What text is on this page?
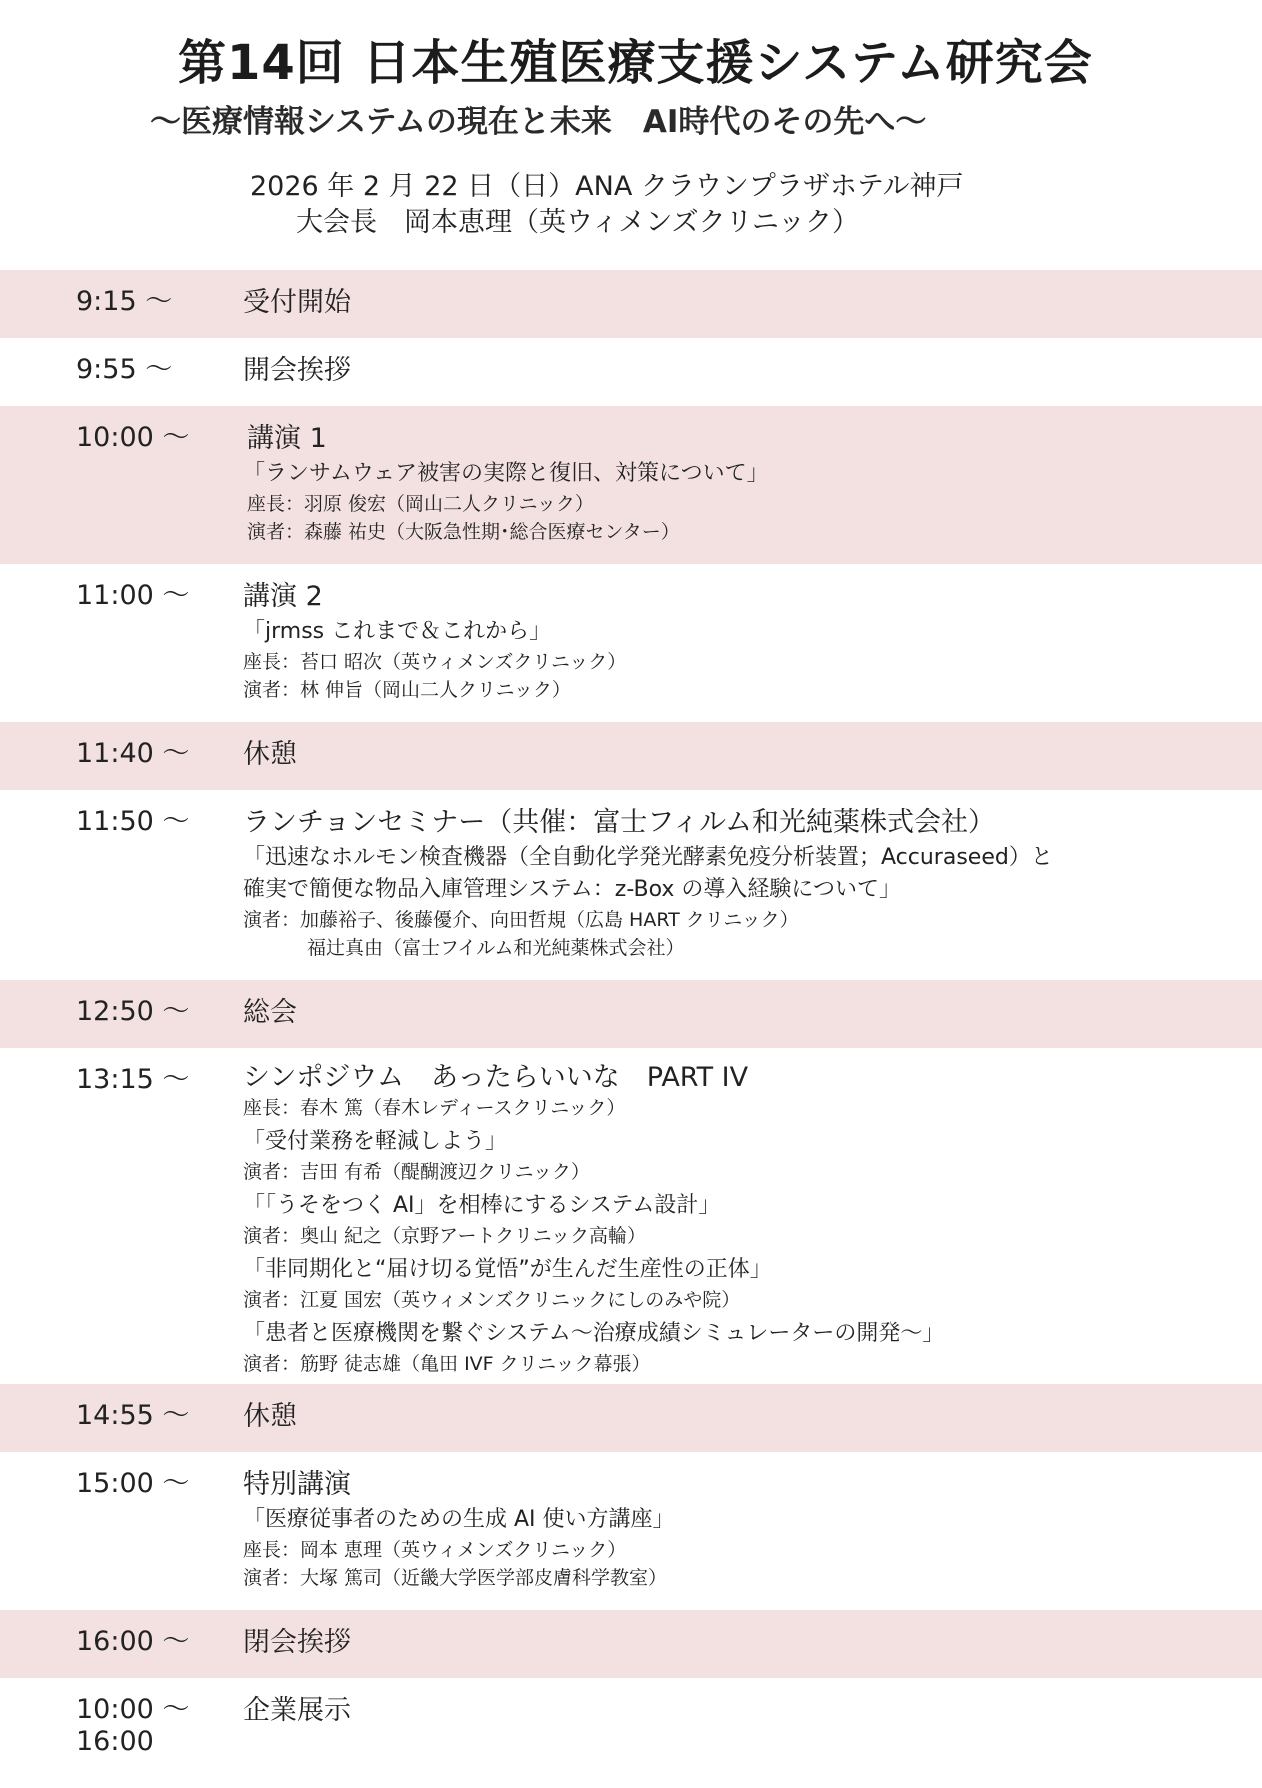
第14回 日本生殖医療支援システム研究会
～医療情報システムの現在と未来　AI時代のその先へ～
2026 年 2 月 22 日（日）ANA クラウンプラザホテル神戸
大会長　岡本恵理（英ウィメンズクリニック）
9:15 〜	受付開始
9:55 〜	開会挨拶
10:00 〜 講演 1
「ランサムウェア被害の実際と復旧、対策について」
座長：羽原 俊宏（岡山二人クリニック）
演者：森藤 祐史（大阪急性期･総合医療センター）
11:00 〜 講演 2
「jrmss これまで＆これから」
座長：苔口 昭次（英ウィメンズクリニック）
演者：林 伸旨（岡山二人クリニック）
11:40 〜 休憩
11:50 〜 ランチョンセミナー（共催：富士フィルム和光純薬株式会社）
「迅速なホルモン検査機器（全自動化学発光酵素免疫分析装置；Accuraseed）と
確実で簡便な物品入庫管理システム：z-Box の導入経験について」
演者：加藤裕子、後藤優介、向田哲規（広島 HART クリニック）
福辻真由（富士フイルム和光純薬株式会社）
12:50 〜 総会
13:15 〜 シンポジウム　あったらいいな　PART IV
座長：春木 篤（春木レディースクリニック）
「受付業務を軽減しよう」
演者：吉田 有希（醍醐渡辺クリニック）
「「うそをつく AI」を相棒にするシステム設計」
演者：奥山 紀之（京野アートクリニック高輪）
「非同期化と“届け切る覚悟”が生んだ生産性の正体」
演者：江夏 国宏（英ウィメンズクリニックにしのみや院）
「患者と医療機関を繋ぐシステム〜治療成績シミュレーターの開発〜」
演者：筋野 徒志雄（亀田 IVF クリニック幕張）
14:55 〜 休憩
15:00 〜 特別講演
「医療従事者のための生成 AI 使い方講座」
座長：岡本 恵理（英ウィメンズクリニック）
演者：大塚 篤司（近畿大学医学部皮膚科学教室）
16:00 〜 閉会挨拶
10:00 〜
16:00
企業展示
